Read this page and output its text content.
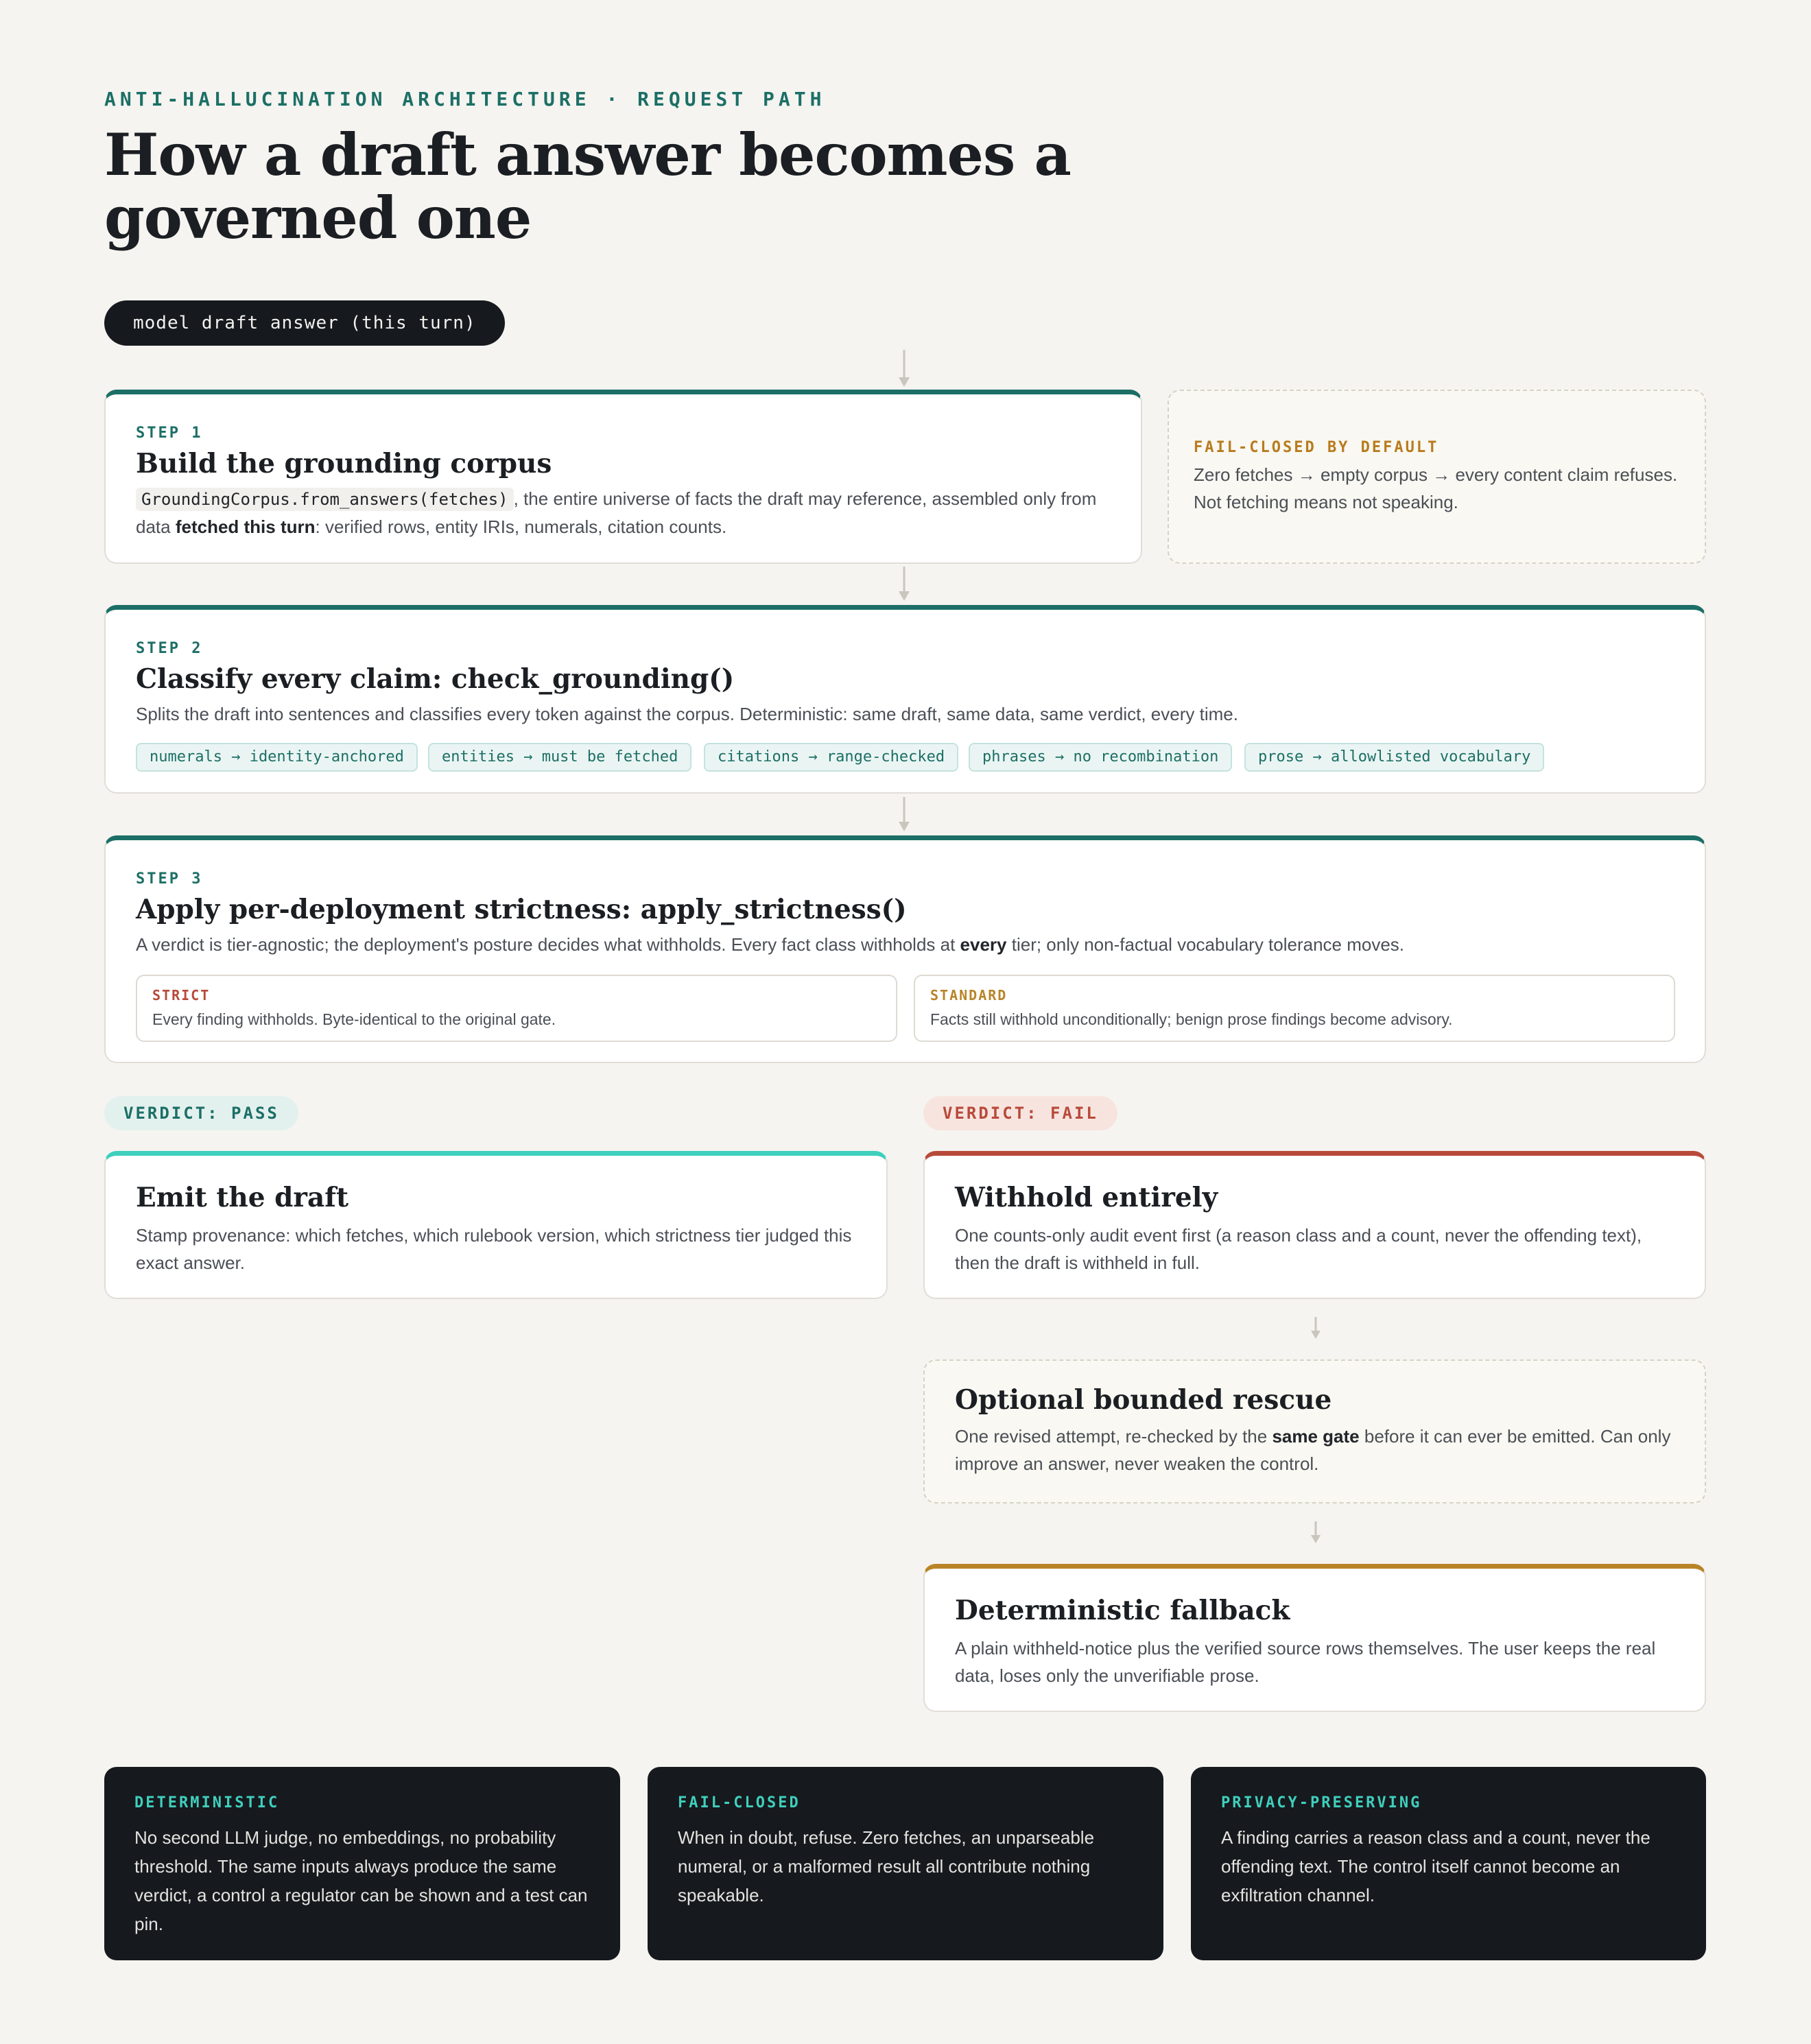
ANTI-HALLUCINATION ARCHITECTURE · REQUEST PATH
How a draft answer becomes a governed one
model draft answer (this turn)
STEP 1
Build the grounding corpus
GroundingCorpus.from_answers(fetches) , the entire universe of facts the draft may reference, assembled only from data fetched this turn: verified rows, entity IRIs, numerals, citation counts.
FAIL-CLOSED BY DEFAULT
Zero fetches → empty corpus → every content claim refuses. Not fetching means not speaking.
STEP 2
Classify every claim: check_grounding()
Splits the draft into sentences and classifies every token against the corpus. Deterministic: same draft, same data, same verdict, every time.
numerals → identity-anchored	entities → must be fetched	citations → range-checked	phrases → no recombination	prose → allowlisted vocabulary
STEP 3
Apply per-deployment strictness: apply_strictness()
A verdict is tier-agnostic; the deployment's posture decides what withholds. Every fact class withholds at every tier; only non-factual vocabulary tolerance moves.
STRICT
Every finding withholds. Byte-identical to the original gate.
STANDARD
Facts still withhold unconditionally; benign prose findings become advisory.
VERDICT: PASS	VERDICT: FAIL
Emit the draft
Stamp provenance: which fetches, which rulebook version, which strictness tier judged this exact answer.
Withhold entirely
One counts-only audit event first (a reason class and a count, never the offending text), then the draft is withheld in full.
Optional bounded rescue
One revised attempt, re-checked by the same gate before it can ever be emitted. Can only improve an answer, never weaken the control.
Deterministic fallback
A plain withheld-notice plus the verified source rows themselves. The user keeps the real data, loses only the unverifiable prose.
DETERMINISTIC
No second LLM judge, no embeddings, no probability threshold. The same inputs always produce the same verdict, a control a regulator can be shown and a test can pin.
FAIL-CLOSED
When in doubt, refuse. Zero fetches, an unparseable numeral, or a malformed result all contribute nothing speakable.
PRIVACY-PRESERVING
A finding carries a reason class and a count, never the offending text. The control itself cannot become an exfiltration channel.
